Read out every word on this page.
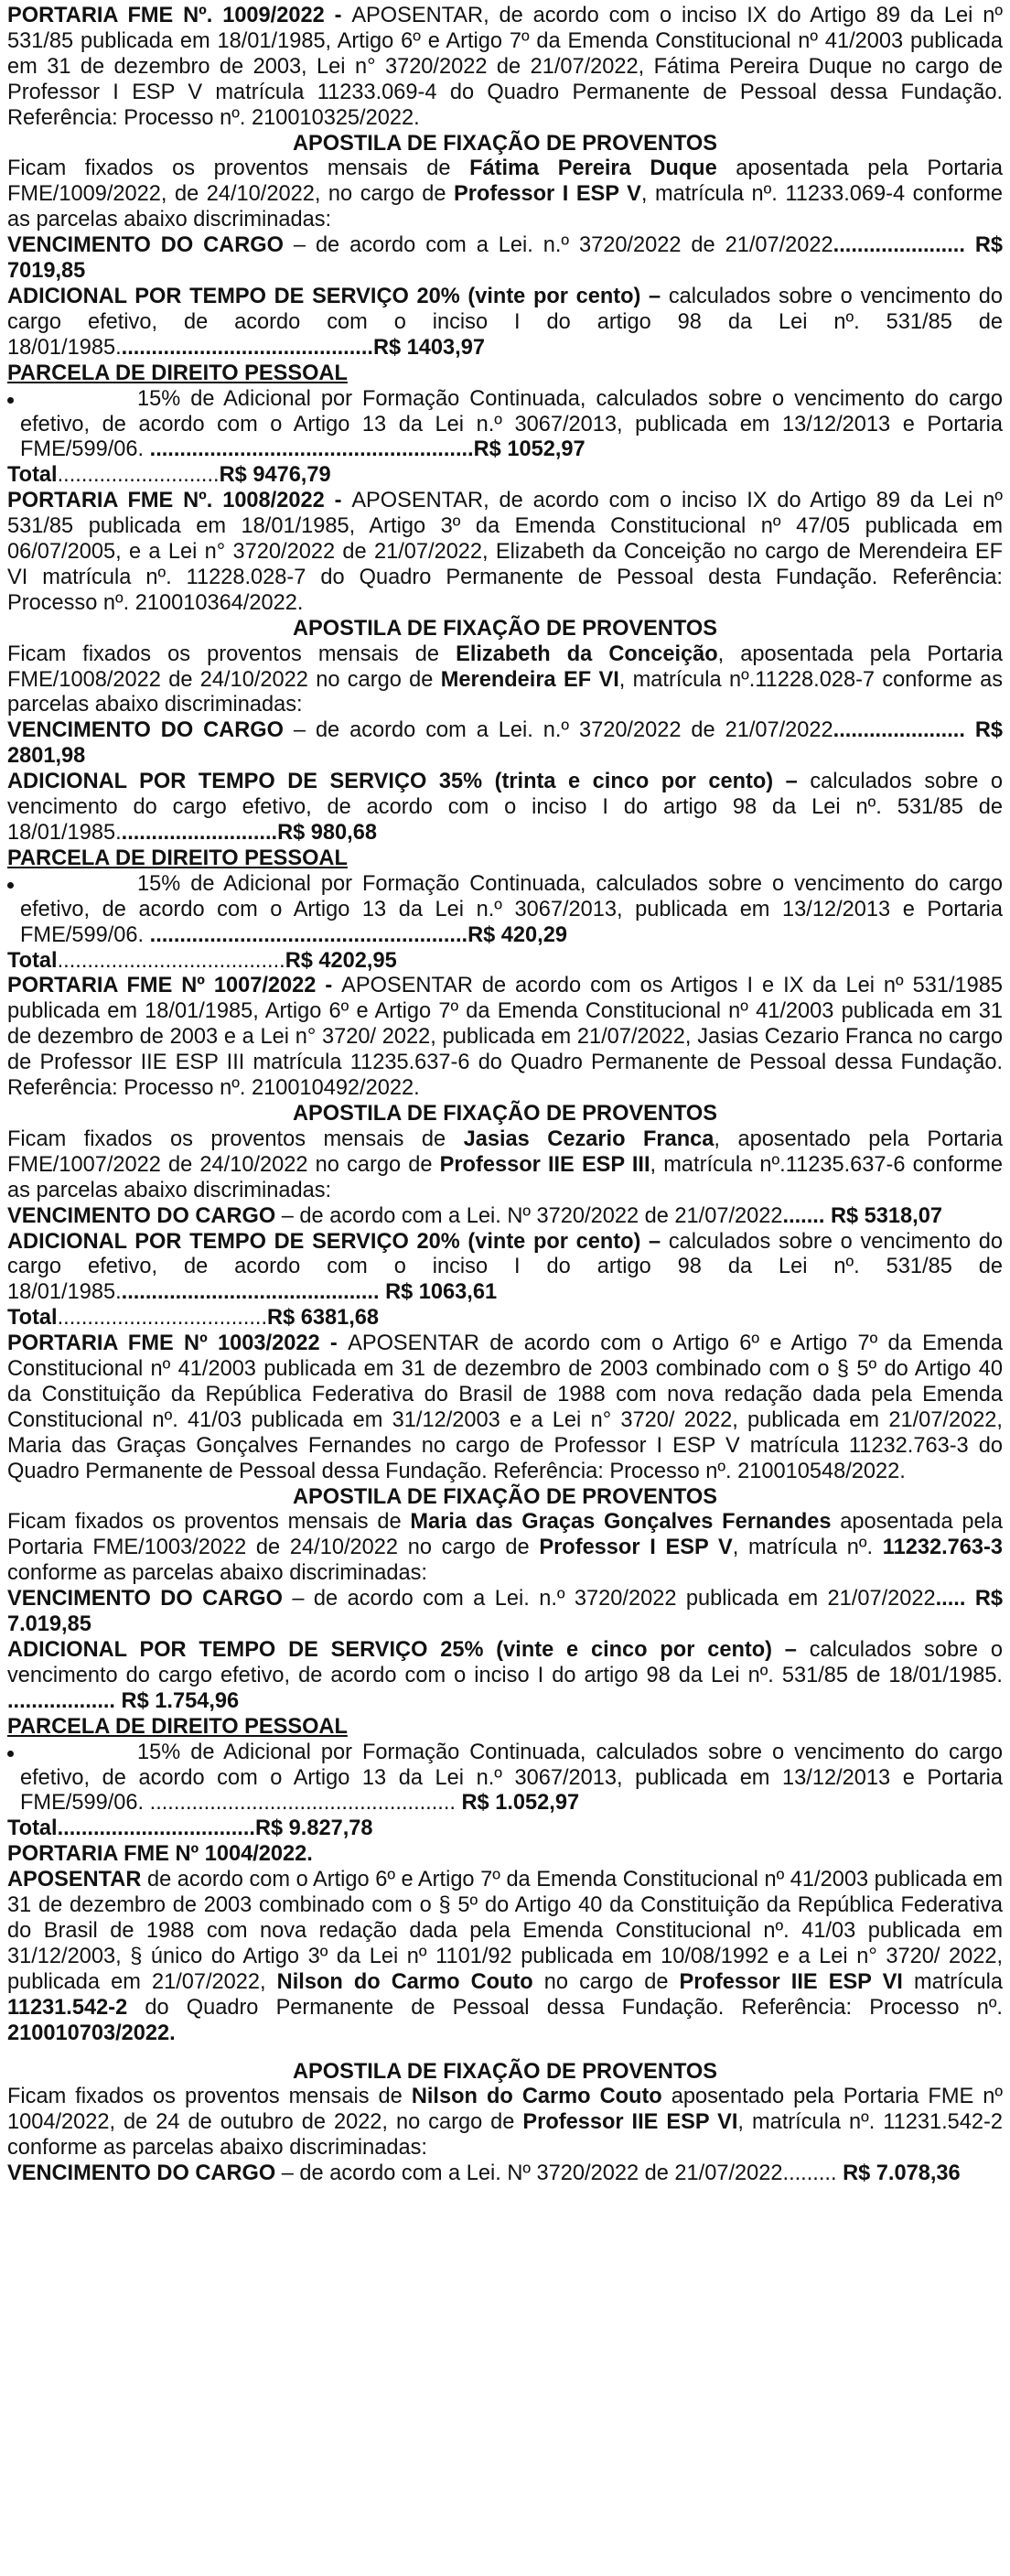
PORTARIA FME Nº. 1009/2022 - APOSENTAR, de acordo com o inciso IX do Artigo 89 da Lei nº 531/85 publicada em 18/01/1985, Artigo 6º e Artigo 7º da Emenda Constitucional nº 41/2003 publicada em 31 de dezembro de 2003, Lei n° 3720/2022 de 21/07/2022, Fátima Pereira Duque no cargo de Professor I ESP V matrícula 11233.069-4 do Quadro Permanente de Pessoal dessa Fundação. Referência: Processo nº. 210010325/2022.

APOSTILA DE FIXAÇÃO DE PROVENTOS

Ficam fixados os proventos mensais de Fátima Pereira Duque aposentada pela Portaria FME/1009/2022, de 24/10/2022, no cargo de Professor I ESP V, matrícula nº. 11233.069-4 conforme as parcelas abaixo discriminadas:

VENCIMENTO DO CARGO – de acordo com a Lei. n.º 3720/2022 de 21/07/2022...................... R$ 7019,85

ADICIONAL POR TEMPO DE SERVIÇO 20% (vinte por cento) – calculados sobre o vencimento do cargo efetivo, de acordo com o inciso I do artigo 98 da Lei nº. 531/85 de 18/01/1985...........................................R$ 1403,97

PARCELA DE DIREITO PESSOAL

15% de Adicional por Formação Continuada, calculados sobre o vencimento do cargo efetivo, de acordo com o Artigo 13 da Lei n.º 3067/2013, publicada em 13/12/2013 e Portaria FME/599/06. ......................................................R$ 1052,97

Total...........................R$ 9476,79

PORTARIA FME Nº. 1008/2022 - APOSENTAR, de acordo com o inciso IX do Artigo 89 da Lei nº 531/85 publicada em 18/01/1985, Artigo 3º da Emenda Constitucional nº 47/05 publicada em 06/07/2005, e a Lei n° 3720/2022 de 21/07/2022, Elizabeth da Conceição no cargo de Merendeira EF VI matrícula nº. 11228.028-7 do Quadro Permanente de Pessoal desta Fundação. Referência: Processo nº. 210010364/2022.

APOSTILA DE FIXAÇÃO DE PROVENTOS

Ficam fixados os proventos mensais de Elizabeth da Conceição, aposentada pela Portaria FME/1008/2022 de 24/10/2022 no cargo de Merendeira EF VI, matrícula nº.11228.028-7 conforme as parcelas abaixo discriminadas:

VENCIMENTO DO CARGO – de acordo com a Lei. n.º 3720/2022 de 21/07/2022...................... R$ 2801,98

ADICIONAL POR TEMPO DE SERVIÇO 35% (trinta e cinco por cento) – calculados sobre o vencimento do cargo efetivo, de acordo com o inciso I do artigo 98 da Lei nº. 531/85 de 18/01/1985...........................R$ 980,68

PARCELA DE DIREITO PESSOAL

15% de Adicional por Formação Continuada, calculados sobre o vencimento do cargo efetivo, de acordo com o Artigo 13 da Lei n.º 3067/2013, publicada em 13/12/2013 e Portaria FME/599/06. .....................................................R$ 420,29

Total......................................R$ 4202,95

PORTARIA FME Nº 1007/2022 - APOSENTAR de acordo com os Artigos I e IX da Lei nº 531/1985 publicada em 18/01/1985, Artigo 6º e Artigo 7º da Emenda Constitucional nº 41/2003 publicada em 31 de dezembro de 2003 e a Lei n° 3720/ 2022, publicada em 21/07/2022, Jasias Cezario Franca no cargo de Professor IIE ESP III matrícula 11235.637-6 do Quadro Permanente de Pessoal dessa Fundação. Referência: Processo nº. 210010492/2022.

APOSTILA DE FIXAÇÃO DE PROVENTOS

Ficam fixados os proventos mensais de Jasias Cezario Franca, aposentado pela Portaria FME/1007/2022 de 24/10/2022 no cargo de Professor IIE ESP III, matrícula nº.11235.637-6 conforme as parcelas abaixo discriminadas:

VENCIMENTO DO CARGO – de acordo com a Lei. Nº 3720/2022 de 21/07/2022....... R$ 5318,07

ADICIONAL POR TEMPO DE SERVIÇO 20% (vinte por cento) – calculados sobre o vencimento do cargo efetivo, de acordo com o inciso I do artigo 98 da Lei nº. 531/85 de 18/01/1985............................................ R$ 1063,61

Total...................................R$ 6381,68

PORTARIA FME Nº 1003/2022 - APOSENTAR de acordo com o Artigo 6º e Artigo 7º da Emenda Constitucional nº 41/2003 publicada em 31 de dezembro de 2003 combinado com o § 5º do Artigo 40 da Constituição da República Federativa do Brasil de 1988 com nova redação dada pela Emenda Constitucional nº. 41/03 publicada em 31/12/2003 e a Lei n° 3720/ 2022, publicada em 21/07/2022, Maria das Graças Gonçalves Fernandes no cargo de Professor I ESP V matrícula 11232.763-3 do Quadro Permanente de Pessoal dessa Fundação. Referência: Processo nº. 210010548/2022.

APOSTILA DE FIXAÇÃO DE PROVENTOS

Ficam fixados os proventos mensais de Maria das Graças Gonçalves Fernandes aposentada pela Portaria FME/1003/2022 de 24/10/2022 no cargo de Professor I ESP V, matrícula nº. 11232.763-3 conforme as parcelas abaixo discriminadas:

VENCIMENTO DO CARGO – de acordo com a Lei. n.º 3720/2022 publicada em 21/07/2022..... R$ 7.019,85

ADICIONAL POR TEMPO DE SERVIÇO 25% (vinte e cinco por cento) – calculados sobre o vencimento do cargo efetivo, de acordo com o inciso I do artigo 98 da Lei nº. 531/85 de 18/01/1985. .................. R$ 1.754,96

PARCELA DE DIREITO PESSOAL

15% de Adicional por Formação Continuada, calculados sobre o vencimento do cargo efetivo, de acordo com o Artigo 13 da Lei n.º 3067/2013, publicada em 13/12/2013 e Portaria FME/599/06. ................................................... R$ 1.052,97

Total.................................R$ 9.827,78

PORTARIA FME Nº 1004/2022.

APOSENTAR de acordo com o Artigo 6º e Artigo 7º da Emenda Constitucional nº 41/2003 publicada em 31 de dezembro de 2003 combinado com o § 5º do Artigo 40 da Constituição da República Federativa do Brasil de 1988 com nova redação dada pela Emenda Constitucional nº. 41/03 publicada em 31/12/2003, § único do Artigo 3º da Lei nº 1101/92 publicada em 10/08/1992 e a Lei n° 3720/ 2022, publicada em 21/07/2022, Nilson do Carmo Couto no cargo de Professor IIE ESP VI matrícula 11231.542-2 do Quadro Permanente de Pessoal dessa Fundação. Referência: Processo nº. 210010703/2022.

APOSTILA DE FIXAÇÃO DE PROVENTOS

Ficam fixados os proventos mensais de Nilson do Carmo Couto aposentado pela Portaria FME nº 1004/2022, de 24 de outubro de 2022, no cargo de Professor IIE ESP VI, matrícula nº. 11231.542-2 conforme as parcelas abaixo discriminadas:

VENCIMENTO DO CARGO – de acordo com a Lei. Nº 3720/2022 de 21/07/2022......... R$ 7.078,36
